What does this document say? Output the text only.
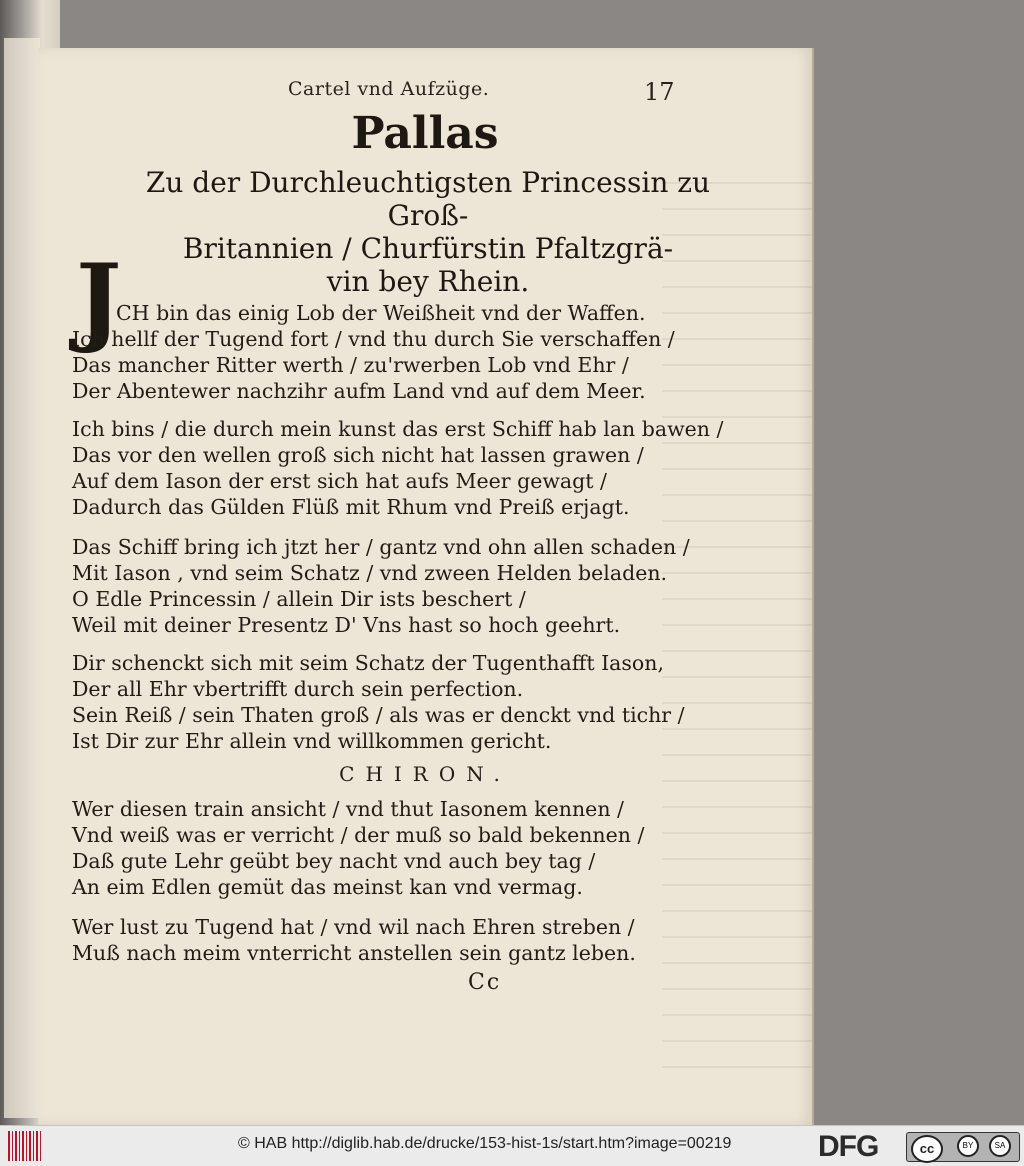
Cartel vnd Aufzüge.	17
Pallas
Zu der Durchleuchtigsten Princessin zu Groß-
Britannien / Churfürstin Pfaltzgrä-
vin bey Rhein.
J
CH bin das einig Lob der Weißheit vnd der Waffen.
Ich hellf der Tugend fort / vnd thu durch Sie verschaffen /
Das mancher Ritter werth / zu'rwerben Lob vnd Ehr /
Der Abentewer nachzihr aufm Land vnd auf dem Meer.
Ich bins / die durch mein kunst das erst Schiff hab lan bawen /
Das vor den wellen groß sich nicht hat lassen grawen /
Auf dem Iason der erst sich hat aufs Meer gewagt /
Dadurch das Gülden Flüß mit Rhum vnd Preiß erjagt.
Das Schiff bring ich jtzt her / gantz vnd ohn allen schaden /
Mit Iason , vnd seim Schatz / vnd zween Helden beladen.
O Edle Princessin / allein Dir ists beschert /
Weil mit deiner Presentz D' Vns hast so hoch geehrt.
Dir schenckt sich mit seim Schatz der Tugenthafft Iason,
Der all Ehr vbertrifft durch sein perfection.
Sein Reiß / sein Thaten groß / als was er denckt vnd tichr /
Ist Dir zur Ehr allein vnd willkommen gericht.
CHIRON.
Wer diesen train ansicht / vnd thut Iasonem kennen /
Vnd weiß was er verricht / der muß so bald bekennen /
Daß gute Lehr geübt bey nacht vnd auch bey tag /
An eim Edlen gemüt das meinst kan vnd vermag.
Wer lust zu Tugend hat / vnd wil nach Ehren streben /
Muß nach meim vnterricht anstellen sein gantz leben.
Cc
© HAB http://diglib.hab.de/drucke/153-hist-1s/start.htm?image=00219	DFG	cc	BY	SA
